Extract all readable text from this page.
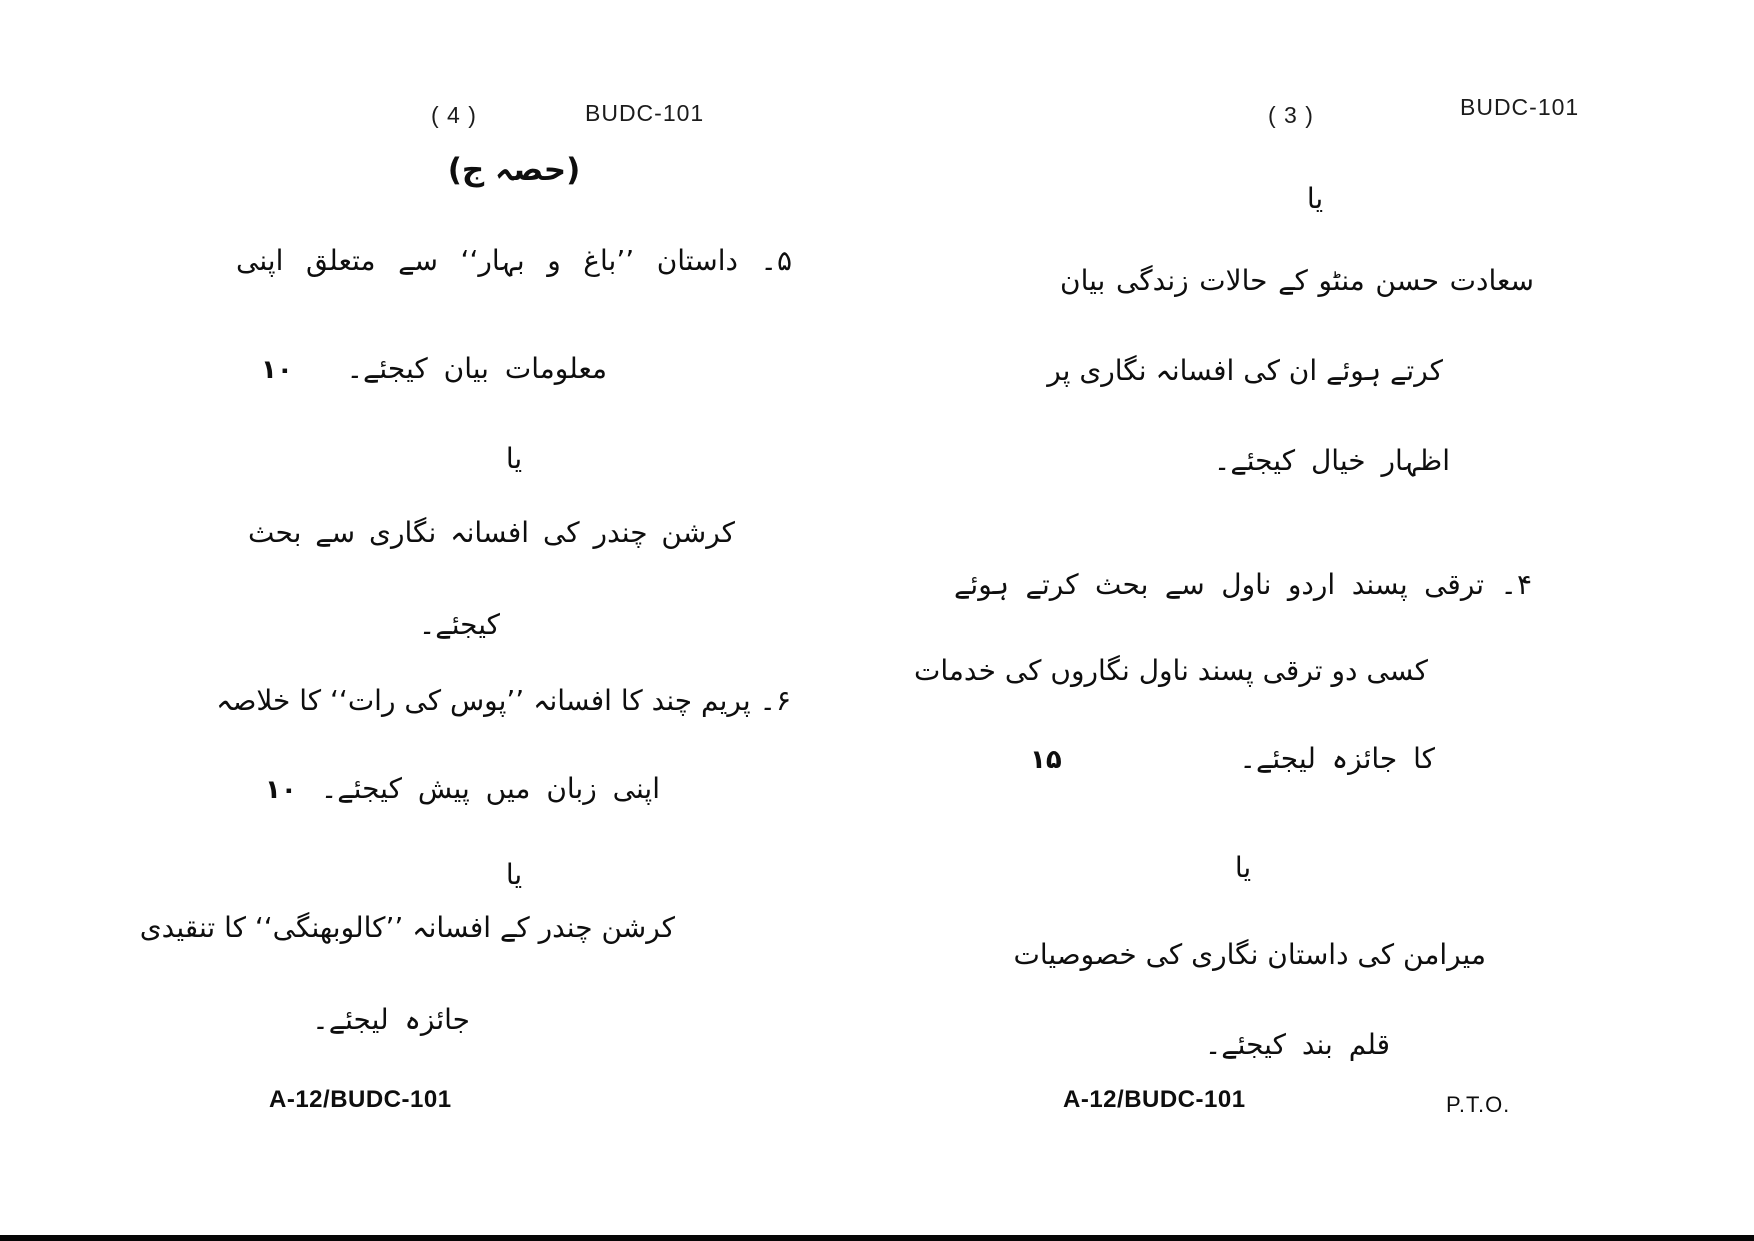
( 4 )	BUDC-101
(حصہ ج)
۵۔ داستان ’’باغ و بہار‘‘ سے متعلق اپنی
۱۰	معلومات بیان کیجئے۔
یا
کرشن چندر کی افسانہ نگاری سے بحث
کیجئے۔
۶۔ پریم چند کا افسانہ ’’پوس کی رات‘‘ کا خلاصہ
۱۰ اپنی زبان میں پیش کیجئے۔
یا
کرشن چندر کے افسانہ ’’کالوبھنگی‘‘ کا تنقیدی
جائزہ لیجئے۔
A-12/BUDC-101
( 3 )	BUDC-101
یا
سعادت حسن منٹو کے حالات زندگی بیان
کرتے ہوئے ان کی افسانہ نگاری پر
اظہار خیال کیجئے۔
۴۔ ترقی پسند اردو ناول سے بحث کرتے ہوئے
کسی دو ترقی پسند ناول نگاروں کی خدمات
۱۵	کا جائزہ لیجئے۔
یا
میرامن کی داستان نگاری کی خصوصیات
قلم بند کیجئے۔
A-12/BUDC-101	P.T.O.
